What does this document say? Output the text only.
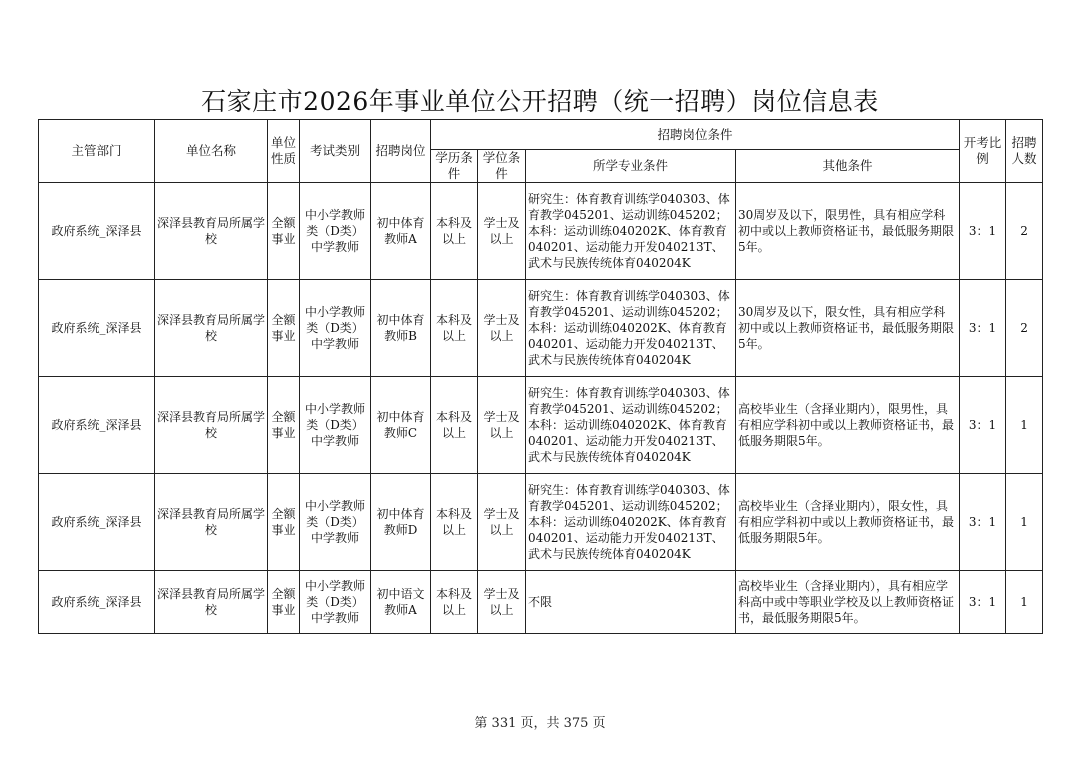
石家庄市2026年事业单位公开招聘（统一招聘）岗位信息表
主管部门	单位名称	单位性质	考试类别	招聘岗位	招聘岗位条件				开考比例	招聘人数
					学历条件	学位条件	所学专业条件	其他条件		
政府系统_深泽县	深泽县教育局所属学校	全额事业	中小学教师类（D类）中学教师	初中体育教师A	本科及以上	学士及以上	研究生：体育教育训练学040303、体育教学045201、运动训练045202；本科：运动训练040202K、体育教育040201、运动能力开发040213T、武术与民族传统体育040204K	30周岁及以下，限男性，具有相应学科初中或以上教师资格证书，最低服务期限5年。	3：1	2
政府系统_深泽县	深泽县教育局所属学校	全额事业	中小学教师类（D类）中学教师	初中体育教师B	本科及以上	学士及以上	研究生：体育教育训练学040303、体育教学045201、运动训练045202；本科：运动训练040202K、体育教育040201、运动能力开发040213T、武术与民族传统体育040204K	30周岁及以下，限女性，具有相应学科初中或以上教师资格证书，最低服务期限5年。	3：1	2
政府系统_深泽县	深泽县教育局所属学校	全额事业	中小学教师类（D类）中学教师	初中体育教师C	本科及以上	学士及以上	研究生：体育教育训练学040303、体育教学045201、运动训练045202；本科：运动训练040202K、体育教育040201、运动能力开发040213T、武术与民族传统体育040204K	高校毕业生（含择业期内），限男性，具有相应学科初中或以上教师资格证书，最低服务期限5年。	3：1	1
政府系统_深泽县	深泽县教育局所属学校	全额事业	中小学教师类（D类）中学教师	初中体育教师D	本科及以上	学士及以上	研究生：体育教育训练学040303、体育教学045201、运动训练045202；本科：运动训练040202K、体育教育040201、运动能力开发040213T、武术与民族传统体育040204K	高校毕业生（含择业期内），限女性，具有相应学科初中或以上教师资格证书，最低服务期限5年。	3：1	1
政府系统_深泽县	深泽县教育局所属学校	全额事业	中小学教师类（D类）中学教师	初中语文教师A	本科及以上	学士及以上	不限	高校毕业生（含择业期内），具有相应学科高中或中等职业学校及以上教师资格证书，最低服务期限5年。	3：1	1
第 331 页，共 375 页
